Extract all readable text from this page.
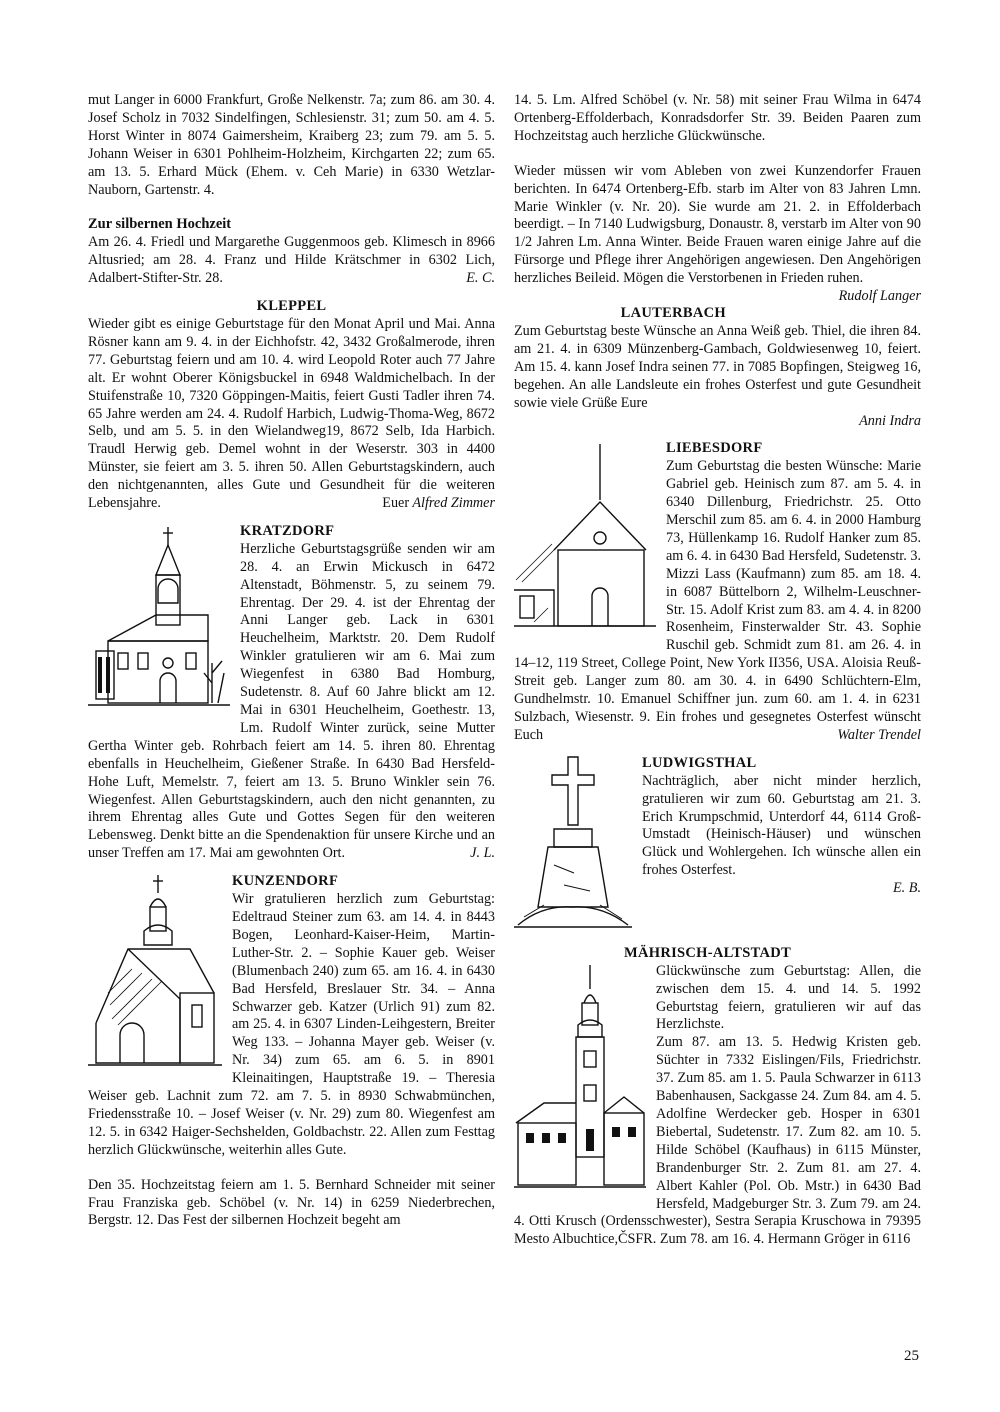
mut Langer in 6000 Frankfurt, Große Nelkenstr. 7a; zum 86. am 30. 4. Josef Scholz in 7032 Sindelfingen, Schlesienstr. 31; zum 50. am 4. 5. Horst Winter in 8074 Gaimersheim, Kraiberg 23; zum 79. am 5. 5. Johann Weiser in 6301 Pohlheim-Holzheim, Kirchgarten 22; zum 65. am 13. 5. Erhard Mück (Ehem. v. Ceh Marie) in 6330 Wetzlar-Nauborn, Gartenstr. 4.

Zur silbernen Hochzeit

Am 26. 4. Friedl und Margarethe Guggenmoos geb. Klimesch in 8966 Altusried; am 28. 4. Franz und Hilde Krätschmer in 6302 Lich, Adalbert-Stifter-Str. 28.	E. C.

KLEPPEL

Wieder gibt es einige Geburtstage für den Monat April und Mai. Anna Rösner kann am 9. 4. in der Eichhofstr. 42, 3432 Großalmerode, ihren 77. Geburtstag feiern und am 10. 4. wird Leopold Roter auch 77 Jahre alt. Er wohnt Oberer Königsbuckel in 6948 Waldmichelbach. In der Stuifenstraße 10, 7320 Göppingen-Maitis, feiert Gusti Tadler ihren 74. 65 Jahre werden am 24. 4. Rudolf Harbich, Ludwig-Thoma-Weg, 8672 Selb, und am 5. 5. in den Wielandweg19, 8672 Selb, Ida Harbich. Traudl Herwig geb. Demel wohnt in der Weserstr. 303 in 4400 Münster, sie feiert am 3. 5. ihren 50. Allen Geburtstagskindern, auch den nichtgenannten, alles Gute und Gesundheit für die weiteren Lebensjahre.	Euer Alfred Zimmer

KRATZDORF

Herzliche Geburtstagsgrüße senden wir am 28. 4. an Erwin Mickusch in 6472 Altenstadt, Böhmenstr. 5, zu seinem 79. Ehrentag. Der 29. 4. ist der Ehrentag der Anni Langer geb. Lack in 6301 Heuchelheim, Marktstr. 20. Dem Rudolf Winkler gratulieren wir am 6. Mai zum Wiegenfest in 6380 Bad Homburg, Sudetenstr. 8. Auf 60 Jahre blickt am 12. Mai in 6301 Heuchelheim, Goethestr. 13, Lm. Rudolf Winter zurück, seine Mutter Gertha Winter geb. Rohrbach feiert am 14. 5. ihren 80. Ehrentag ebenfalls in Heuchelheim, Gießener Straße. In 6430 Bad Hersfeld-Hohe Luft, Memelstr. 7, feiert am 13. 5. Bruno Winkler sein 76. Wiegenfest. Allen Geburtstagskindern, auch den nicht genannten, zu ihrem Ehrentag alles Gute und Gottes Segen für den weiteren Lebensweg. Denkt bitte an die Spendenaktion für unsere Kirche und an unser Treffen am 17. Mai am gewohnten Ort.	J. L.

KUNZENDORF

Wir gratulieren herzlich zum Geburtstag: Edeltraud Steiner zum 63. am 14. 4. in 8443 Bogen, Leonhard-Kaiser-Heim, Martin-Luther-Str. 2. – Sophie Kauer geb. Weiser (Blumenbach 240) zum 65. am 16. 4. in 6430 Bad Hersfeld, Breslauer Str. 34. – Anna Schwarzer geb. Katzer (Urlich 91) zum 82. am 25. 4. in 6307 Linden-Leihgestern, Breiter Weg 133. – Johanna Mayer geb. Weiser (v. Nr. 34) zum 65. am 6. 5. in 8901 Kleinaitingen, Hauptstraße 19. – Theresia Weiser geb. Lachnit zum 72. am 7. 5. in 8930 Schwabmünchen, Friedensstraße 10. – Josef Weiser (v. Nr. 29) zum 80. Wiegenfest am 12. 5. in 6342 Haiger-Sechshelden, Goldbachstr. 22. Allen zum Festtag herzlich Glückwünsche, weiterhin alles Gute.

Den 35. Hochzeitstag feiern am 1. 5. Bernhard Schneider mit seiner Frau Franziska geb. Schöbel (v. Nr. 14) in 6259 Niederbrechen, Bergstr. 12. Das Fest der silbernen Hochzeit begeht am

14. 5. Lm. Alfred Schöbel (v. Nr. 58) mit seiner Frau Wilma in 6474 Ortenberg-Effolderbach, Konradsdorfer Str. 39. Beiden Paaren zum Hochzeitstag auch herzliche Glückwünsche.

Wieder müssen wir vom Ableben von zwei Kunzendorfer Frauen berichten. In 6474 Ortenberg-Efb. starb im Alter von 83 Jahren Lmn. Marie Winkler (v. Nr. 20). Sie wurde am 21. 2. in Effolderbach beerdigt. – In 7140 Ludwigsburg, Donaustr. 8, verstarb im Alter von 90 1/2 Jahren Lm. Anna Winter. Beide Frauen waren einige Jahre auf die Fürsorge und Pflege ihrer Angehörigen angewiesen. Den Angehörigen herzliches Beileid. Mögen die Verstorbenen in Frieden ruhen.
Rudolf Langer

LAUTERBACH

Zum Geburtstag beste Wünsche an Anna Weiß geb. Thiel, die ihren 84. am 21. 4. in 6309 Münzenberg-Gambach, Goldwiesenweg 10, feiert. Am 15. 4. kann Josef Indra seinen 77. in 7085 Bopfingen, Steigweg 16, begehen. An alle Landsleute ein frohes Osterfest und gute Gesundheit sowie viele Grüße Eure

Anni Indra
LIEBESDORF

Zum Geburtstag die besten Wünsche: Marie Gabriel geb. Heinisch zum 87. am 5. 4. in 6340 Dillenburg, Friedrichstr. 25. Otto Merschil zum 85. am 6. 4. in 2000 Hamburg 73, Hüllenkamp 16. Rudolf Hanker zum 85. am 6. 4. in 6430 Bad Hersfeld, Sudetenstr. 3. Mizzi Lass (Kaufmann) zum 85. am 18. 4. in 6087 Büttelborn 2, Wilhelm-Leuschner-Str. 15. Adolf Krist zum 83. am 4. 4. in 8200 Rosenheim, Finsterwalder Str. 43. Sophie Ruschil geb. Schmidt zum 81. am 26. 4. in 14–12, 119 Street, College Point, New York II356, USA. Aloisia Reuß-Streit geb. Langer zum 80. am 30. 4. in 6490 Schlüchtern-Elm, Gundhelmstr. 10. Emanuel Schiffner jun. zum 60. am 1. 4. in 6231 Sulzbach, Wiesenstr. 9. Ein frohes und gesegnetes Osterfest wünscht Euch	Walter Trendel

LUDWIGSTHAL

Nachträglich, aber nicht minder herzlich, gratulieren wir zum 60. Geburtstag am 21. 3. Erich Krumpschmid, Unterdorf 44, 6114 Groß-Umstadt (Heinisch-Häuser) und wünschen Glück und Wohlergehen. Ich wünsche allen ein frohes Osterfest.

E. B.
MÄHRISCH-ALTSTADT

Glückwünsche zum Geburtstag: Allen, die zwischen dem 15. 4. und 14. 5. 1992 Geburtstag feiern, gratulieren wir auf das Herzlichste.

Zum 87. am 13. 5. Hedwig Kristen geb. Süchter in 7332 Eislingen/Fils, Friedrichstr. 37. Zum 85. am 1. 5. Paula Schwarzer in 6113 Babenhausen, Sackgasse 24. Zum 84. am 4. 5. Adolfine Werdecker geb. Hosper in 6301 Biebertal, Sudetenstr. 17. Zum 82. am 10. 5. Hilde Schöbel (Kaufhaus) in 6115 Münster, Brandenburger Str. 2. Zum 81. am 27. 4. Albert Kahler (Pol. Ob. Mstr.) in 6430 Bad Hersfeld, Madgeburger Str. 3. Zum 79. am 24. 4. Otti Krusch (Ordensschwester), Sestra Serapia Kruschowa in 79395 Mesto Albuchtice,ČSFR. Zum 78. am 16. 4. Hermann Gröger in 6116

25
